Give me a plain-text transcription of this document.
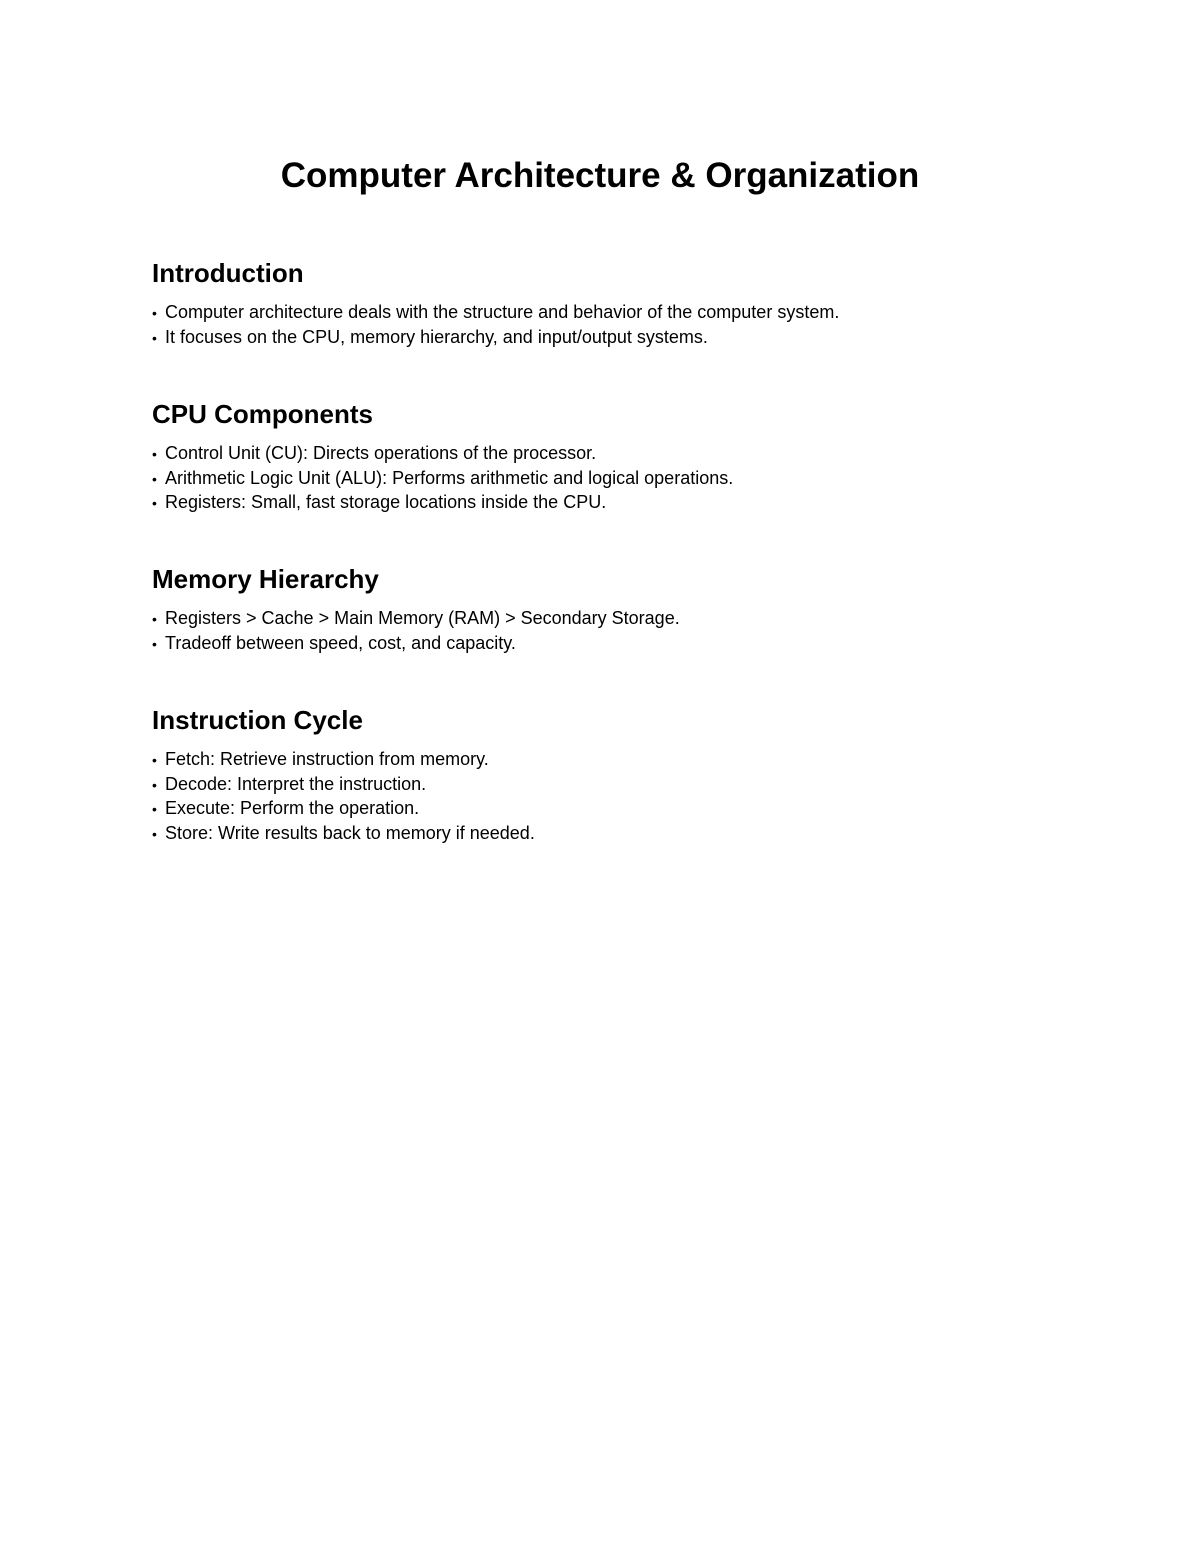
Computer Architecture & Organization
Introduction
• Computer architecture deals with the structure and behavior of the computer system.
• It focuses on the CPU, memory hierarchy, and input/output systems.
CPU Components
• Control Unit (CU): Directs operations of the processor.
• Arithmetic Logic Unit (ALU): Performs arithmetic and logical operations.
• Registers: Small, fast storage locations inside the CPU.
Memory Hierarchy
• Registers > Cache > Main Memory (RAM) > Secondary Storage.
• Tradeoff between speed, cost, and capacity.
Instruction Cycle
• Fetch: Retrieve instruction from memory.
• Decode: Interpret the instruction.
• Execute: Perform the operation.
• Store: Write results back to memory if needed.
